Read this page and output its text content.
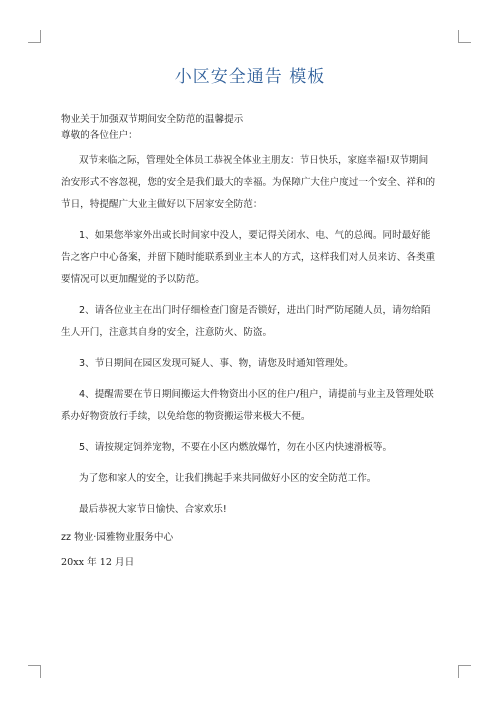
小区安全通告 模板

物业关于加强双节期间安全防范的温馨提示

尊敬的各位住户：

双节来临之际，管理处全体员工恭祝全体业主朋友：节日快乐，家庭幸福!双节期间治安形式不容忽视，您的安全是我们最大的幸福。为保障广大住户度过一个安全、祥和的节日，特提醒广大业主做好以下居家安全防范：

1、如果您举家外出或长时间家中没人，要记得关闭水、电、气的总阀。同时最好能告之客户中心备案，并留下随时能联系到业主本人的方式，这样我们对人员来访、各类重要情况可以更加醒觉的予以防范。

2、请各位业主在出门时仔细检查门窗是否锁好，进出门时严防尾随人员，请勿给陌生人开门，注意其自身的安全，注意防火、防盗。

3、节日期间在园区发现可疑人、事、物，请您及时通知管理处。

4、提醒需要在节日期间搬运大件物资出小区的住户/租户，请提前与业主及管理处联系办好物资放行手续，以免给您的物资搬运带来极大不便。

5、请按规定饲养宠物，不要在小区内燃放爆竹，勿在小区内快速滑板等。

为了您和家人的安全，让我们携起手来共同做好小区的安全防范工作。

最后恭祝大家节日愉快、合家欢乐!

zz 物业·园雅物业服务中心

20xx 年 12 月日
